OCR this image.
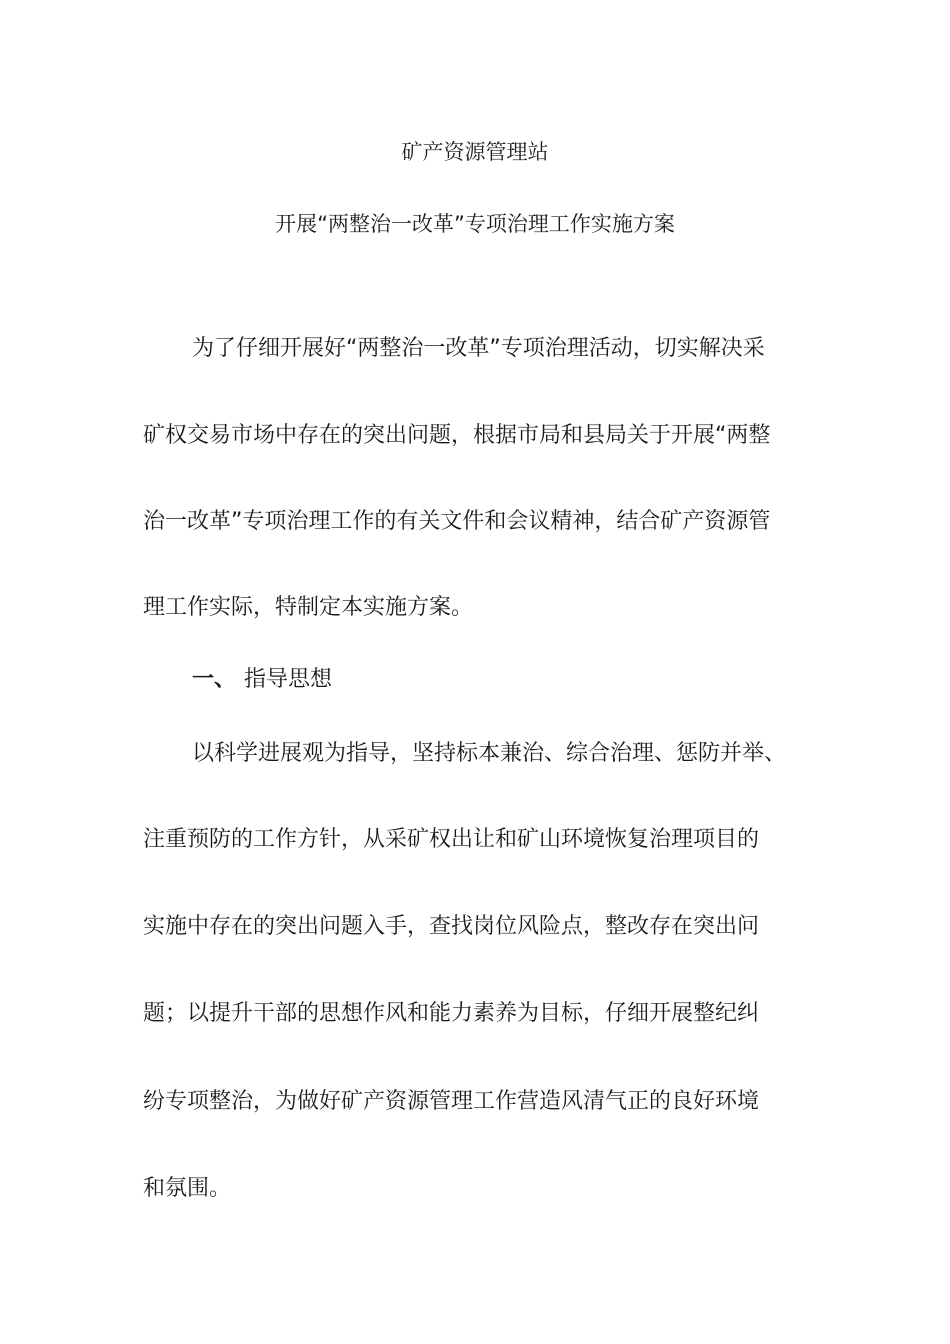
矿产资源管理站
开展“两整治一改革”专项治理工作实施方案
为了仔细开展好“两整治一改革”专项治理活动，切实解决采
矿权交易市场中存在的突出问题，根据市局和县局关于开展“两整
治一改革”专项治理工作的有关文件和会议精神，结合矿产资源管
理工作实际，特制定本实施方案。
一、 指导思想
以科学进展观为指导，坚持标本兼治、综合治理、惩防并举、
注重预防的工作方针，从采矿权出让和矿山环境恢复治理项目的
实施中存在的突出问题入手，查找岗位风险点，整改存在突出问
题；以提升干部的思想作风和能力素养为目标，仔细开展整纪纠
纷专项整治，为做好矿产资源管理工作营造风清气正的良好环境
和氛围。
